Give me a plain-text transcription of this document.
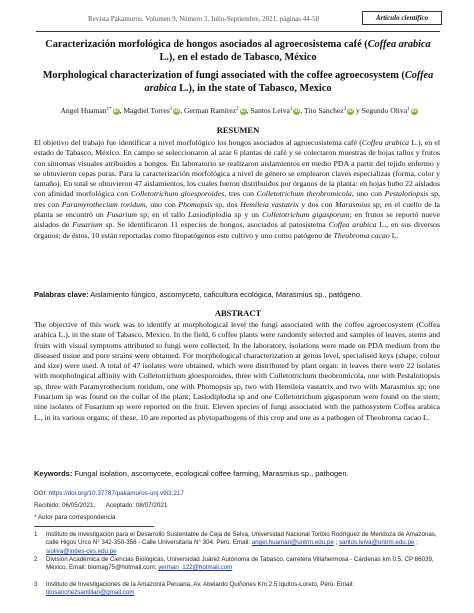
Revista Pakamuros. Volumen 9, Número 3, Julio-Septiembre, 2021, páginas 44-58	Artículo científico
Caracterización morfológica de hongos asociados al agroecosistema café (Coffea arabica L.), en el estado de Tabasco, México
Morphological characterization of fungi associated with the coffee agroecosystem (Coffea arabica L.), in the state of Tabasco, Mexico
Angel Huaman$^{1*}$ iD, Magdiel Torres$^1$ iD, German Ramírez$^2$ iD, Santos Leiva$^1$ iD, Tito Sanchez$^3$ iD y Segundo Oliva$^1$ iD
RESUMEN
El objetivo del trabajo fue identificar a nivel morfológico los hongos asociados al agroecosistema café (Coffea arabica L.), en el estado de Tabasco, México. En campo se seleccionaron al azar 6 plantas de café y se colectaron muestras de hojas tallos y frutos con síntomas visuales atribuidos a hongos. En laboratorio se realizaron aislamientos en medio PDA a partir del tejido enfermo y se obtuvieron cepas puras. Para la caracterización morfológica a nivel de género se emplearon claves especializas (forma, color y tamaño). En total se obtuvieron 47 aislamientos, los cuales fueron distribuidos por órganos de la planta: en hojas hubo 22 aislados con afinidad morfológica con Colletotrichum gloesporoides, tres con Colletotrichum theobromicola, uno con Pestalotiopsis sp, tres con Paramyrothecium roridum, uno con Phomopsis sp, dos Hemileia vastatrix y dos con Marasmius sp; en el cuello de la planta se encontró un Fusarium sp; en el tallo Lasiodiplodia sp y un Colletotrichum gigasporum; en frutos se reportó nueve aislados de Fusarium sp. Se identificaron 11 especies de hongos, asociados al patosistema Coffea arabica L., en sus diversos órganos; de éstos, 10 están reportadas como fitopatógenos este cultivo y uno como patógeno de Theobroma cacao L.
Palabras clave: Aislamiento fúngico, ascomyceto, caficultura ecológica, Marasmius sp., patógeno.
ABSTRACT
The objective of this work was to identify at morphological level the fungi associated with the coffee agroecosystem (Coffea arabica L.), in the state of Tabasco, Mexico. In the field, 6 coffee plants were randomly selected and samples of leaves, stems and fruits with visual symptoms attributed to fungi were collected. In the laboratory, isolations were made on PDA medium from the diseased tissue and pure strains were obtained. For morphological characterization at genus level, specialised keys (shape, colour and size) were used. A total of 47 isolates were obtained, which were distributed by plant organ: in leaves there were 22 isolates with morphological affinity with Colletotrichum gloesporoides, three with Colletotrichum theobromicola, one with Pestalotiopsis sp, three with Paramyrothecium roridum, one with Phomopsis sp, two with Hemileia vastatrix and two with Marasmius sp; one Fusarium sp was found on the collar of the plant; Lasiodiplodia sp and one Colletotrichum gigasporum were found on the stem; nine isolates of Fusarium sp were reported on the fruit. Eleven species of fungi associated with the pathosystem Coffea arabica L., in its various organs; of these, 10 are reported as phytopathogens of this crop and one as a pathogen of Theobroma cacao L.
Keywords: Fungal isolation, ascomycete, ecological coffee farming, Marasmius sp., pathogen.
DOI: https://doi.org/10.37787/pakamuros-unj.v9i3.217
Recibido: 06/05/2021. Aceptado: 08/07/2021
* Autor para correspondencia
1 Instituto de Investigación para el Desarrollo Sustentable de Ceja de Selva, Universidad Nacional Toribio Rodríguez de Mendoza de Amazonas, calle Higos Urco N° 342-350-356 - Calle Universitaria N° 304. Perú. Email: angel.huaman@untrm.edu.pe ; santos.leiva@untrm.edu.pe ; sioliva@indes-ces.edu.pe
2 División Académica de Ciencias Biológicas, Universidad Juárez Autónoma de Tabasco, carretera Villahermosa - Cárdenas km 0.5, CP 86039, México. Email: biomag75@hotmail.com; yerman_122@hotmail.com
3 Instituto de Investigaciones de la Amazonía Peruana, Av. Abelardo Quiñones Km 2.5 Iquitos-Loreto, Perú. Email: titosanchezsantillan@gmail.com
